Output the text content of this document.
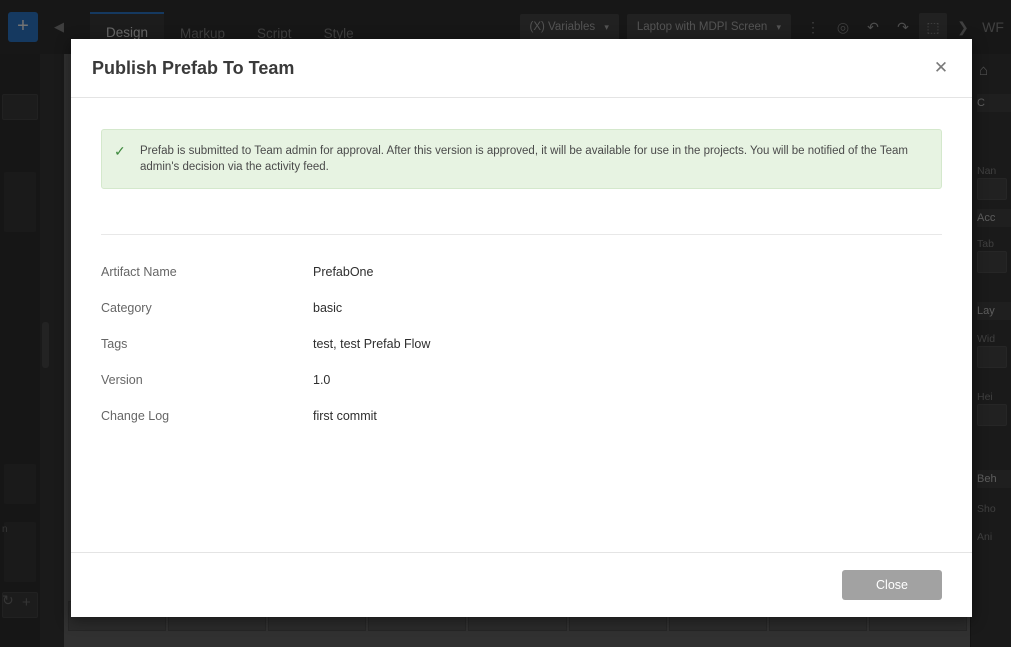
Publish Prefab To Team	✕
✓	Prefab is submitted to Team admin for approval. After this version is approved, it will be available for use in the projects. You will be notified of the Team admin's decision via the activity feed.
Artifact Name	PrefabOne
Category	basic
Tags	test, test Prefab Flow
Version	1.0
Change Log	first commit
Close
